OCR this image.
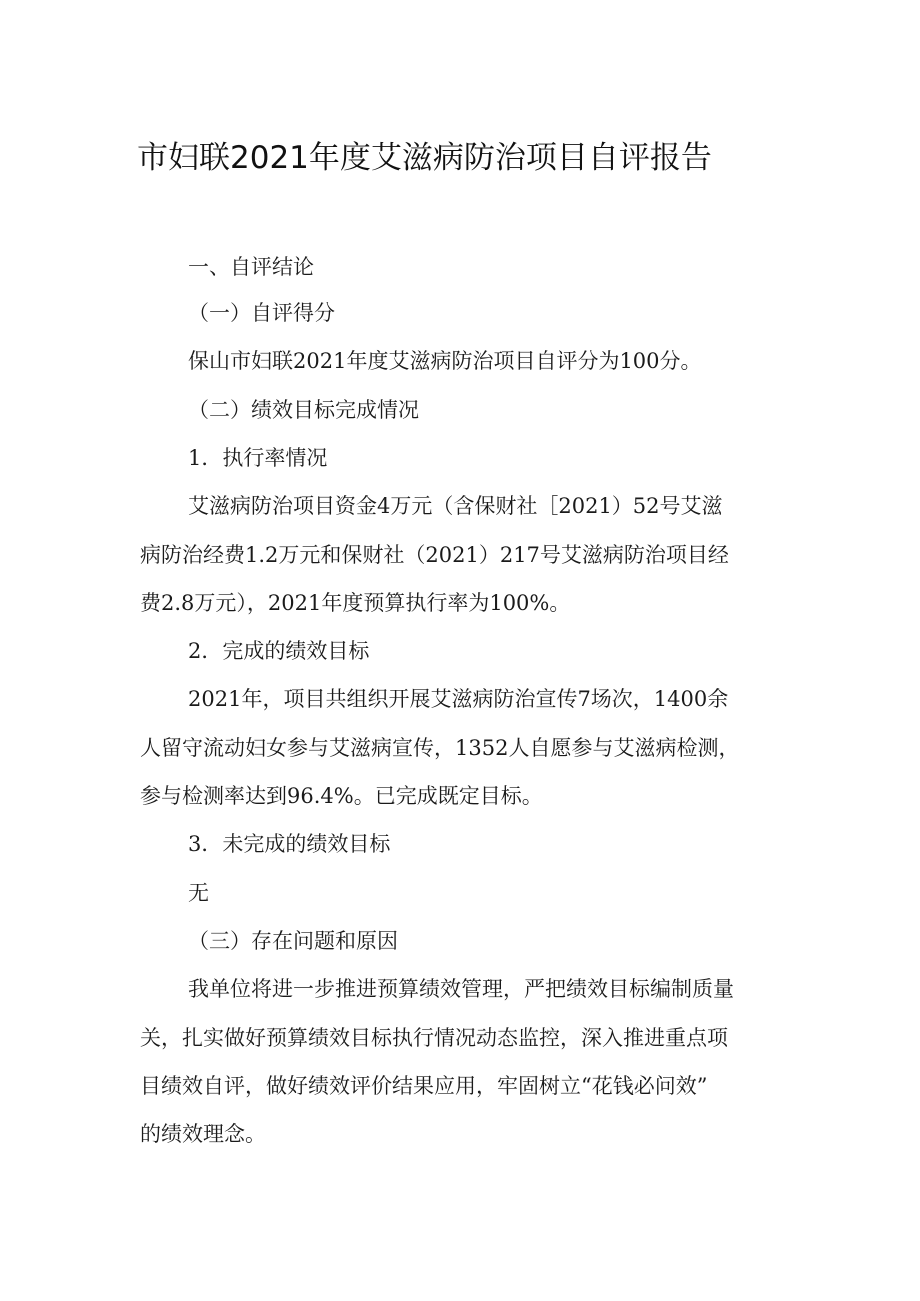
市妇联2021年度艾滋病防治项目自评报告
一、自评结论
（一）自评得分
保山市妇联2021年度艾滋病防治项目自评分为100分。
（二）绩效目标完成情况
1．执行率情况
艾滋病防治项目资金4万元（含保财社［2021）52号艾滋
病防治经费1.2万元和保财社（2021）217号艾滋病防治项目经
费2.8万元），2021年度预算执行率为100%。
2．完成的绩效目标
2021年，项目共组织开展艾滋病防治宣传7场次，1400余
人留守流动妇女参与艾滋病宣传，1352人自愿参与艾滋病检测，
参与检测率达到96.4%。已完成既定目标。
3．未完成的绩效目标
无
（三）存在问题和原因
我单位将进一步推进预算绩效管理，严把绩效目标编制质量
关，扎实做好预算绩效目标执行情况动态监控，深入推进重点项
目绩效自评，做好绩效评价结果应用，牢固树立“花钱必问效”
的绩效理念。
